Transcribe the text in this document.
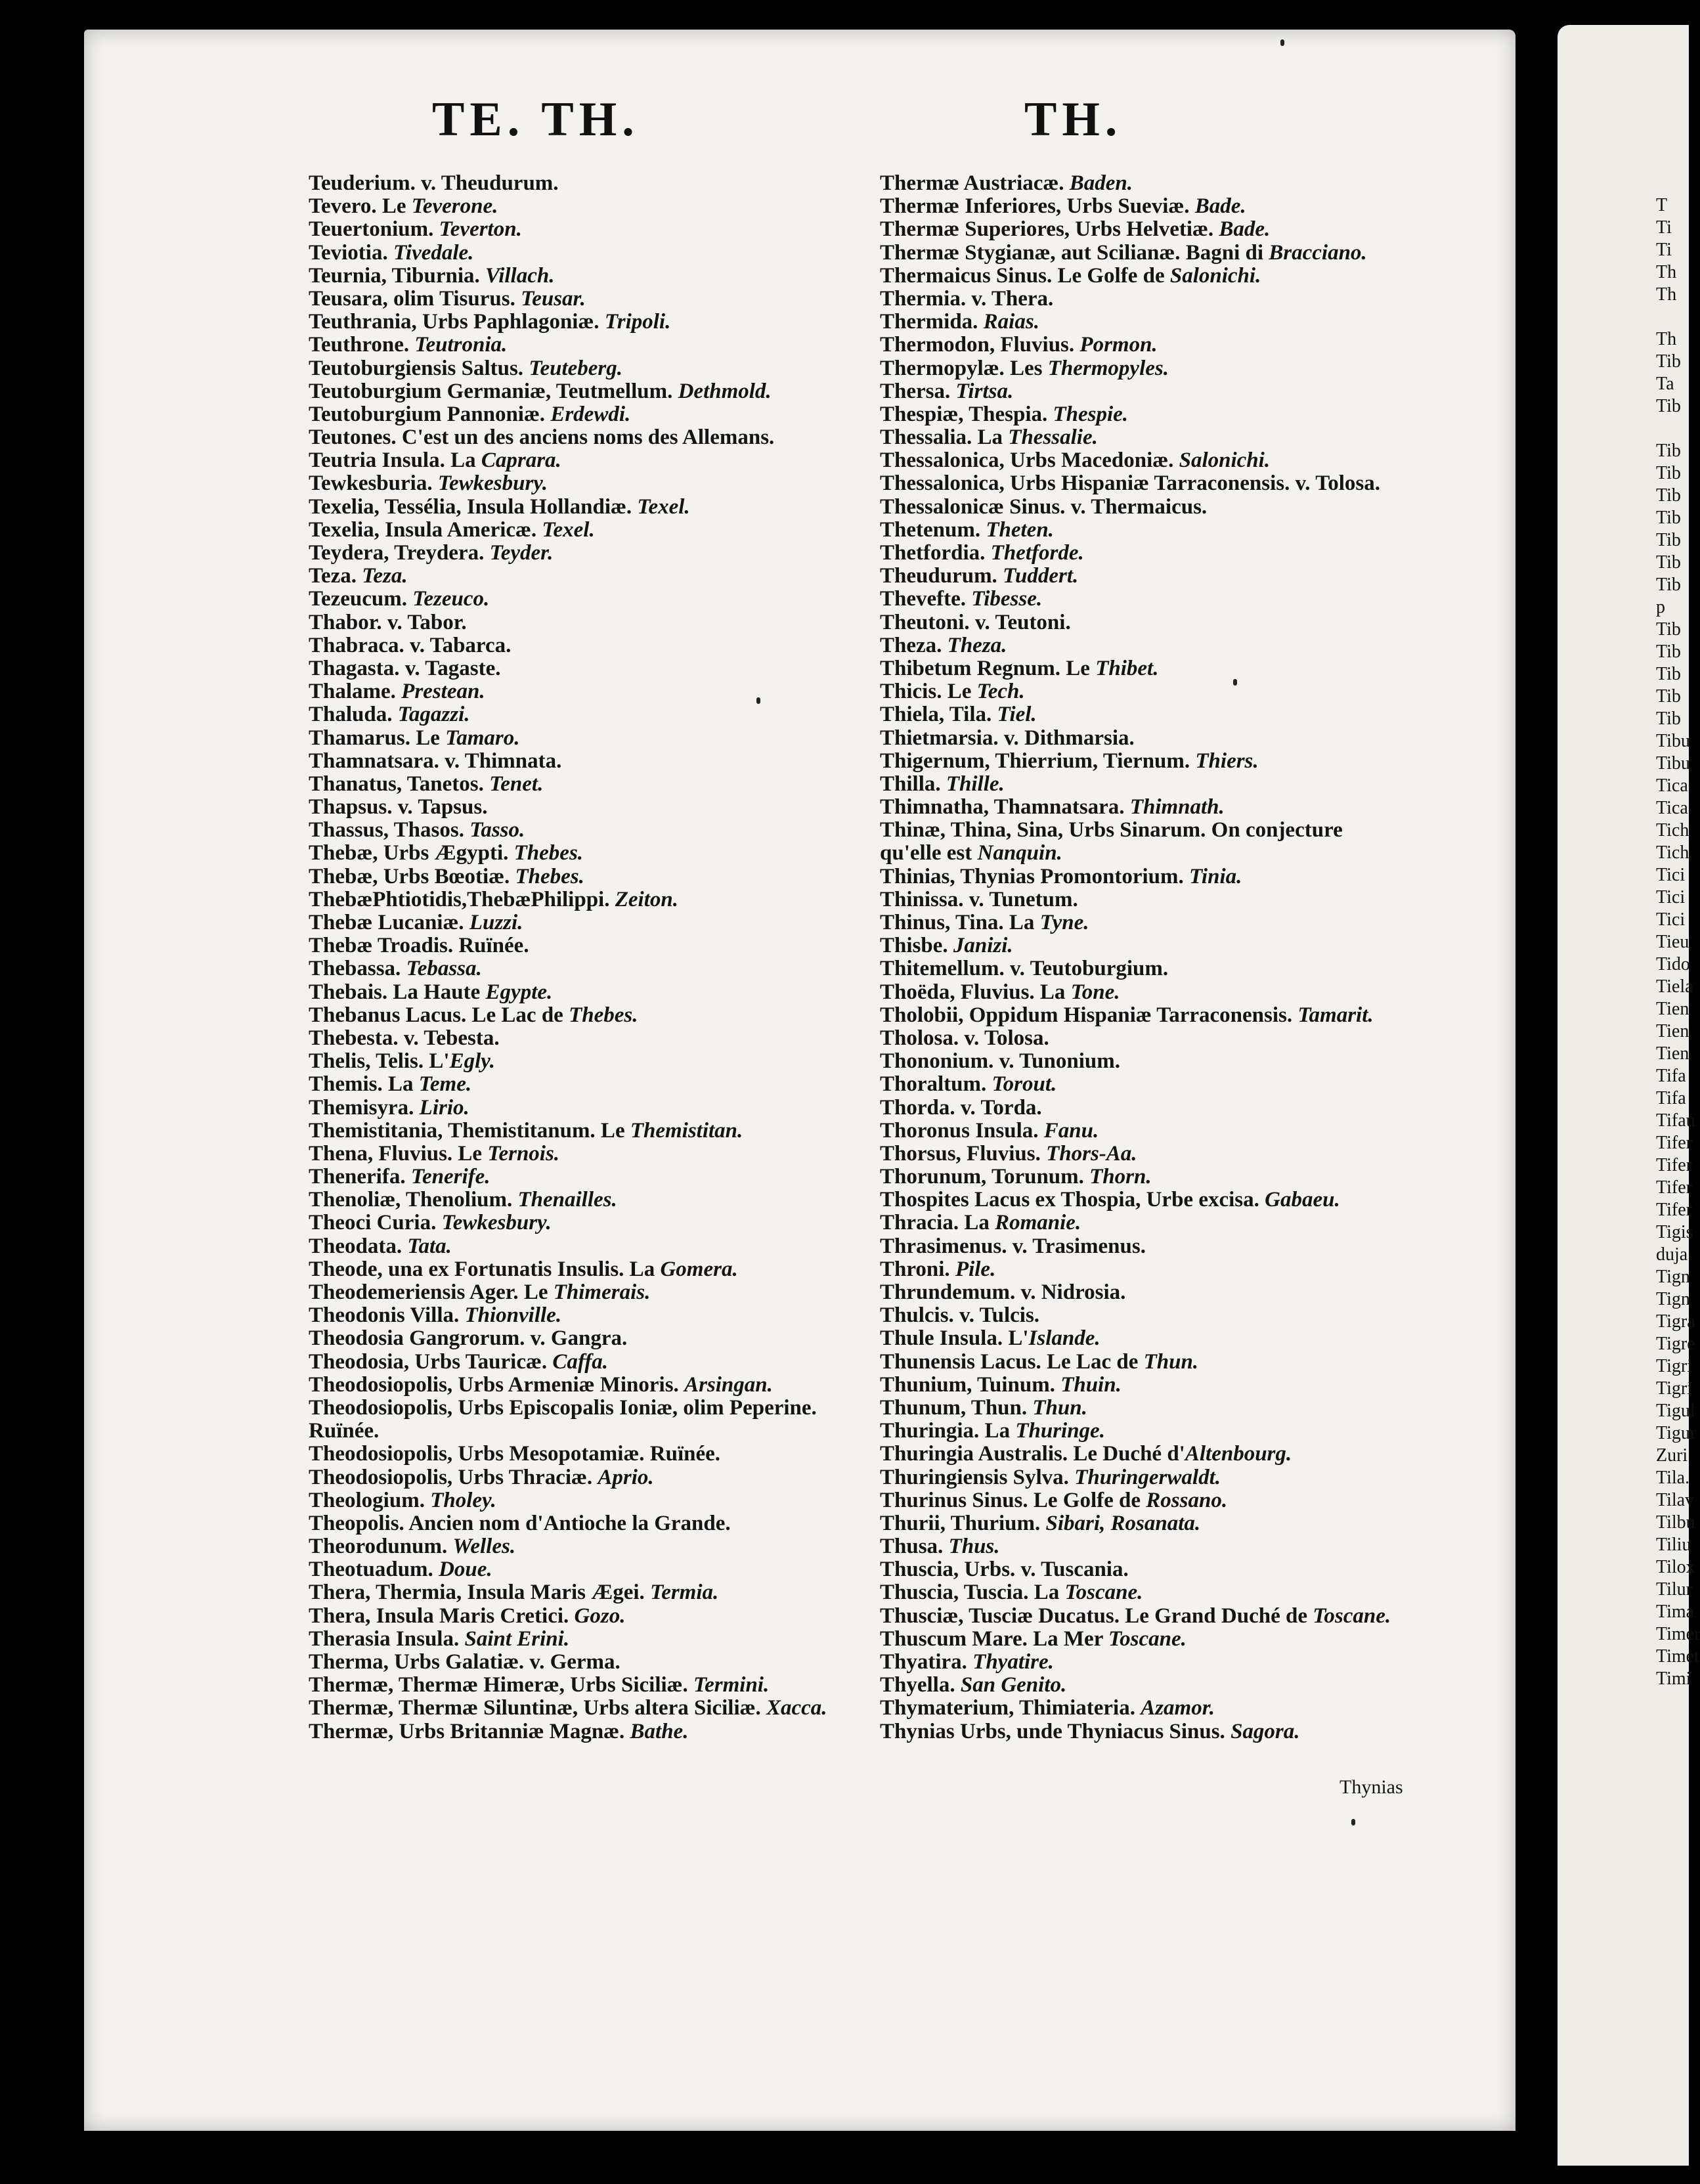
T
Ti
Ti
Th
Th
Th
Tib
Ta
Tib
Tib
Tib
Tib
Tib
Tib
Tib
Tib
p
Tib
Tib
Tib
Tib
Tib
Tibu
Tibu
Tica
Tica
Tich
Tich
Tici
Tici
Tici
Tieu
Tido
Tiela
Tien
Tien
Tien
Tifa
Tifa
Tifau
Tifer
Tifer
Tifer
Tifer
Tigis
duja
Tign
Tign
Tigra
Tigre
Tigri
Tigri
Tigul
Tigur
Zuri
Tila.
Tilav
Tilbu
Tiliu
Tilox
Tilur
Tima
Timer
Timet
Timi
TE. TH.	TH.
Teuderium. v. Theudurum.
Tevero. Le Teverone.
Teuertonium. Teverton.
Teviotia. Tivedale.
Teurnia, Tiburnia. Villach.
Teusara, olim Tisurus. Teusar.
Teuthrania, Urbs Paphlagoniæ. Tripoli.
Teuthrone. Teutronia.
Teutoburgiensis Saltus. Teuteberg.
Teutoburgium Germaniæ, Teutmellum. Dethmold.
Teutoburgium Pannoniæ. Erdewdi.
Teutones. C'est un des anciens noms des Allemans.
Teutria Insula. La Caprara.
Tewkesburia. Tewkesbury.
Texelia, Tessélia, Insula Hollandiæ. Texel.
Texelia, Insula Americæ. Texel.
Teydera, Treydera. Teyder.
Teza. Teza.
Tezeucum. Tezeuco.
Thabor. v. Tabor.
Thabraca. v. Tabarca.
Thagasta. v. Tagaste.
Thalame. Prestean.
Thaluda. Tagazzi.
Thamarus. Le Tamaro.
Thamnatsara. v. Thimnata.
Thanatus, Tanetos. Tenet.
Thapsus. v. Tapsus.
Thassus, Thasos. Tasso.
Thebæ, Urbs Ægypti. Thebes.
Thebæ, Urbs Bœotiæ. Thebes.
ThebæPhtiotidis,ThebæPhilippi. Zeiton.
Thebæ Lucaniæ. Luzzi.
Thebæ Troadis. Ruïnée.
Thebassa. Tebassa.
Thebais. La Haute Egypte.
Thebanus Lacus. Le Lac de Thebes.
Thebesta. v. Tebesta.
Thelis, Telis. L'Egly.
Themis. La Teme.
Themisyra. Lirio.
Themistitania, Themistitanum. Le Themistitan.
Thena, Fluvius. Le Ternois.
Thenerifa. Tenerife.
Thenoliæ, Thenolium. Thenailles.
Theoci Curia. Tewkesbury.
Theodata. Tata.
Theode, una ex Fortunatis Insulis. La Gomera.
Theodemeriensis Ager. Le Thimerais.
Theodonis Villa. Thionville.
Theodosia Gangrorum. v. Gangra.
Theodosia, Urbs Tauricæ. Caffa.
Theodosiopolis, Urbs Armeniæ Minoris. Arsingan.
Theodosiopolis, Urbs Episcopalis Ioniæ, olim Peperine.
Ruïnée.
Theodosiopolis, Urbs Mesopotamiæ. Ruïnée.
Theodosiopolis, Urbs Thraciæ. Aprio.
Theologium. Tholey.
Theopolis. Ancien nom d'Antioche la Grande.
Theorodunum. Welles.
Theotuadum. Doue.
Thera, Thermia, Insula Maris Ægei. Termia.
Thera, Insula Maris Cretici. Gozo.
Therasia Insula. Saint Erini.
Therma, Urbs Galatiæ. v. Germa.
Thermæ, Thermæ Himeræ, Urbs Siciliæ. Termini.
Thermæ, Thermæ Siluntinæ, Urbs altera Siciliæ. Xacca.
Thermæ, Urbs Britanniæ Magnæ. Bathe.
Thermæ Austriacæ. Baden.
Thermæ Inferiores, Urbs Sueviæ. Bade.
Thermæ Superiores, Urbs Helvetiæ. Bade.
Thermæ Stygianæ, aut Scilianæ. Bagni di Bracciano.
Thermaicus Sinus. Le Golfe de Salonichi.
Thermia. v. Thera.
Thermida. Raias.
Thermodon, Fluvius. Pormon.
Thermopylæ. Les Thermopyles.
Thersa. Tirtsa.
Thespiæ, Thespia. Thespie.
Thessalia. La Thessalie.
Thessalonica, Urbs Macedoniæ. Salonichi.
Thessalonica, Urbs Hispaniæ Tarraconensis. v. Tolosa.
Thessalonicæ Sinus. v. Thermaicus.
Thetenum. Theten.
Thetfordia. Thetforde.
Theudurum. Tuddert.
Thevefte. Tibesse.
Theutoni. v. Teutoni.
Theza. Theza.
Thibetum Regnum. Le Thibet.
Thicis. Le Tech.
Thiela, Tila. Tiel.
Thietmarsia. v. Dithmarsia.
Thigernum, Thierrium, Tiernum. Thiers.
Thilla. Thille.
Thimnatha, Thamnatsara. Thimnath.
Thinæ, Thina, Sina, Urbs Sinarum. On conjecture
qu'elle est Nanquin.
Thinias, Thynias Promontorium. Tinia.
Thinissa. v. Tunetum.
Thinus, Tina. La Tyne.
Thisbe. Janizi.
Thitemellum. v. Teutoburgium.
Thoëda, Fluvius. La Tone.
Tholobii, Oppidum Hispaniæ Tarraconensis. Tamarit.
Tholosa. v. Tolosa.
Thononium. v. Tunonium.
Thoraltum. Torout.
Thorda. v. Torda.
Thoronus Insula. Fanu.
Thorsus, Fluvius. Thors-Aa.
Thorunum, Torunum. Thorn.
Thospites Lacus ex Thospia, Urbe excisa. Gabaeu.
Thracia. La Romanie.
Thrasimenus. v. Trasimenus.
Throni. Pile.
Thrundemum. v. Nidrosia.
Thulcis. v. Tulcis.
Thule Insula. L'Islande.
Thunensis Lacus. Le Lac de Thun.
Thunium, Tuinum. Thuin.
Thunum, Thun. Thun.
Thuringia. La Thuringe.
Thuringia Australis. Le Duché d'Altenbourg.
Thuringiensis Sylva. Thuringerwaldt.
Thurinus Sinus. Le Golfe de Rossano.
Thurii, Thurium. Sibari, Rosanata.
Thusa. Thus.
Thuscia, Urbs. v. Tuscania.
Thuscia, Tuscia. La Toscane.
Thusciæ, Tusciæ Ducatus. Le Grand Duché de Toscane.
Thuscum Mare. La Mer Toscane.
Thyatira. Thyatire.
Thyella. San Genito.
Thymaterium, Thimiateria. Azamor.
Thynias Urbs, unde Thyniacus Sinus. Sagora.
Thynias
